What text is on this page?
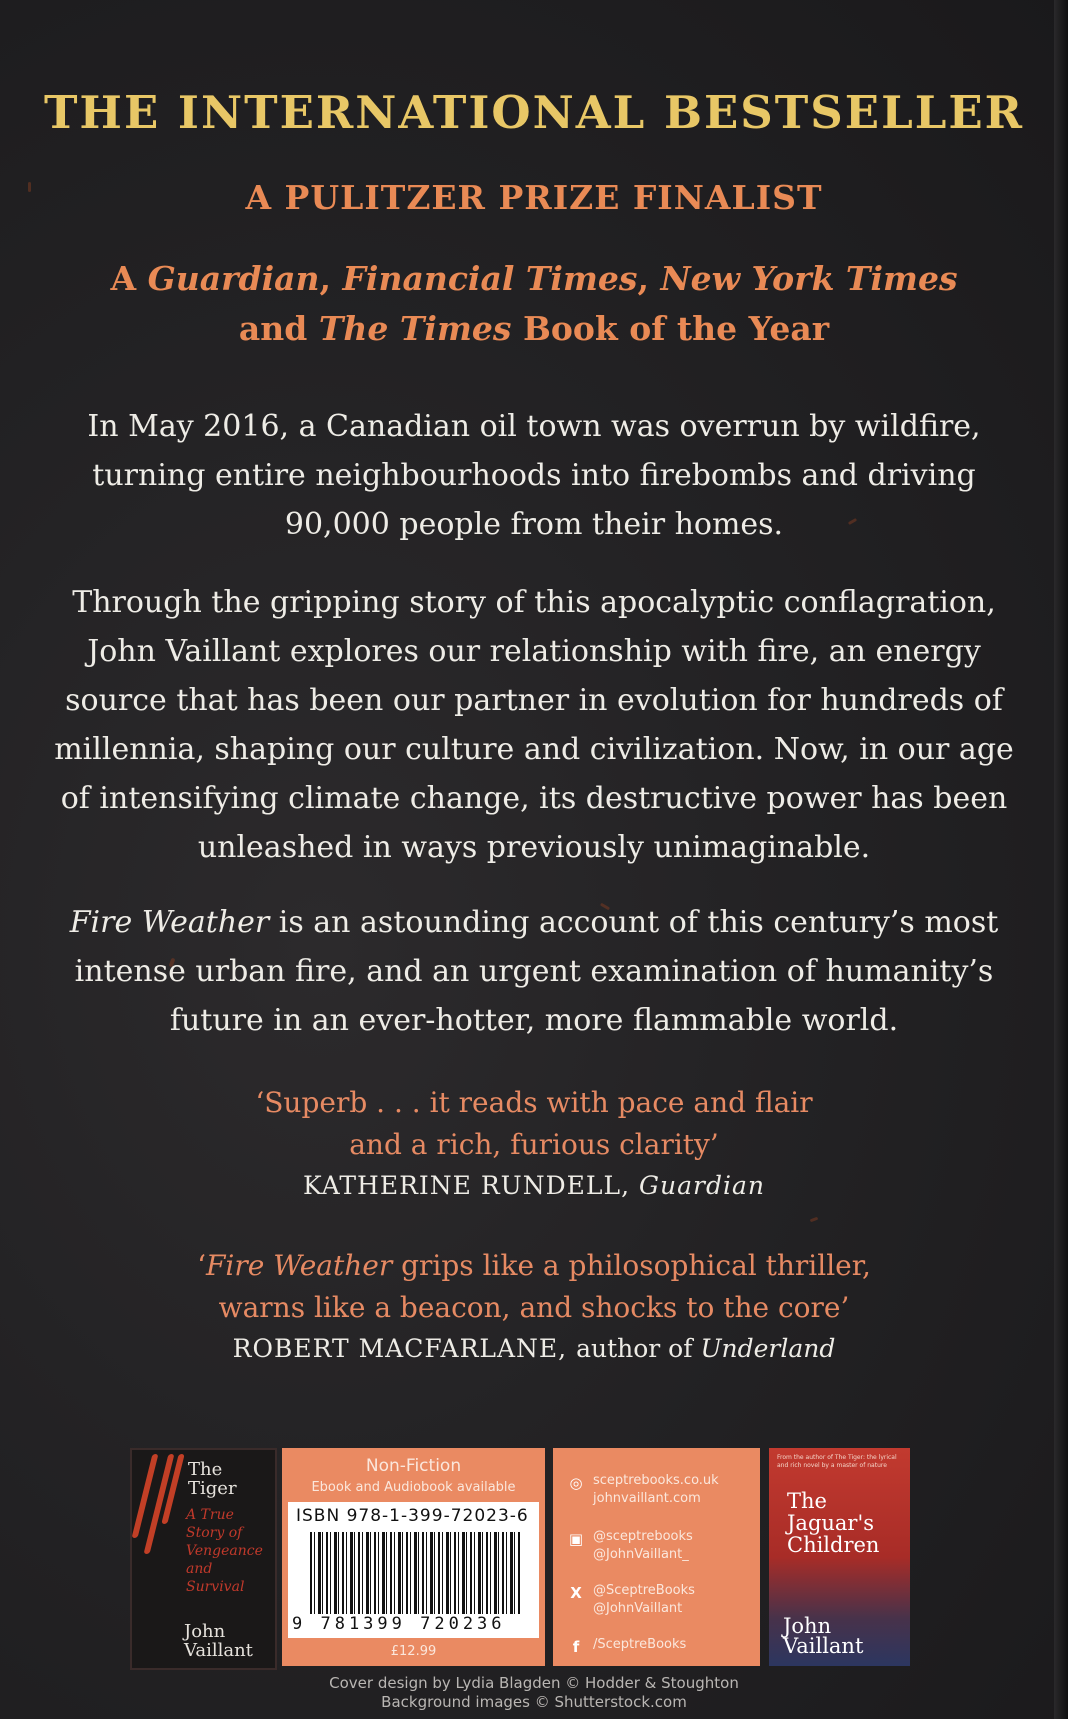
THE INTERNATIONAL BESTSELLER
A PULITZER PRIZE FINALIST
A Guardian, Financial Times, New York Times
and The Times Book of the Year
In May 2016, a Canadian oil town was overrun by wildfire,
turning entire neighbourhoods into firebombs and driving
90,000 people from their homes.
Through the gripping story of this apocalyptic conflagration,
John Vaillant explores our relationship with fire, an energy
source that has been our partner in evolution for hundreds of
millennia, shaping our culture and civilization. Now, in our age
of intensifying climate change, its destructive power has been
unleashed in ways previously unimaginable.
Fire Weather is an astounding account of this century’s most
intense urban fire, and an urgent examination of humanity’s
future in an ever-hotter, more flammable world.
‘Superb . . . it reads with pace and flair
and a rich, furious clarity’
KATHERINE RUNDELL, Guardian
‘Fire Weather grips like a philosophical thriller,
warns like a beacon, and shocks to the core’
ROBERT MACFARLANE, author of Underland
The
Tiger
A True
Story of
Vengeance
and
Survival
John
Vaillant
Non-Fiction
Ebook and Audiobook available
ISBN 978-1-399-72023-6
9 781399 720236
£12.99
◎ sceptrebooks.co.uk
johnvaillant.com
▣ @sceptrebooks
@JohnVaillant_
X @SceptreBooks
@JohnVaillant
f	/SceptreBooks
From the author of The Tiger: the lyrical and rich novel by a master of nature
The
Jaguar's
Children
John
Vaillant
Cover design by Lydia Blagden © Hodder & Stoughton
Background images © Shutterstock.com
